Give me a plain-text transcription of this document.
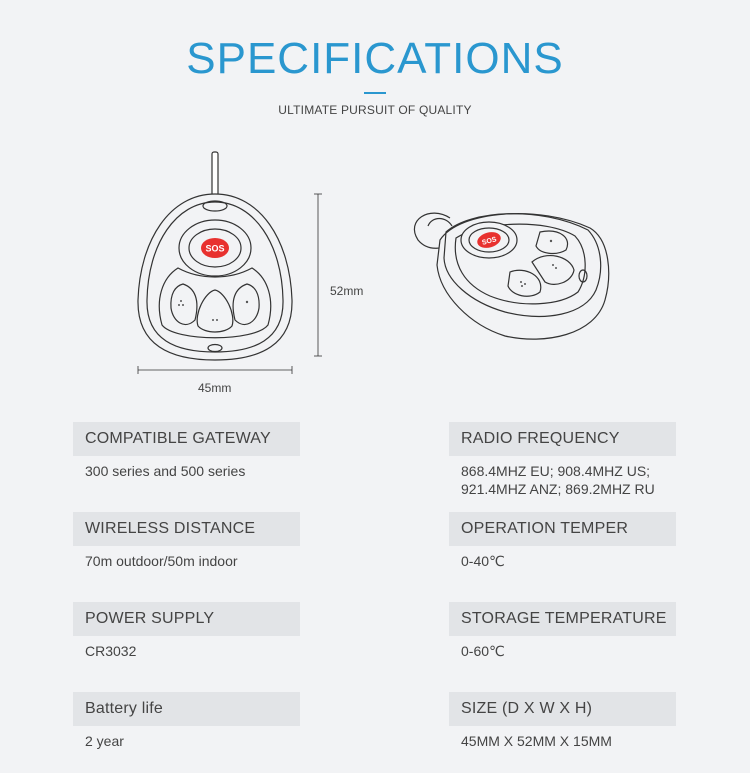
SPECIFICATIONS
ULTIMATE PURSUIT OF QUALITY
SOS
SOS
52mm
45mm
COMPATIBLE GATEWAY
300 series and 500 series
WIRELESS DISTANCE
70m outdoor/50m indoor
POWER SUPPLY
CR3032
Battery life
2 year
RADIO FREQUENCY
868.4MHZ EU; 908.4MHZ US;
921.4MHZ ANZ; 869.2MHZ RU
OPERATION TEMPER
0-40℃
STORAGE TEMPERATURE
0-60℃
SIZE (D X W X H)
45MM X 52MM X 15MM
